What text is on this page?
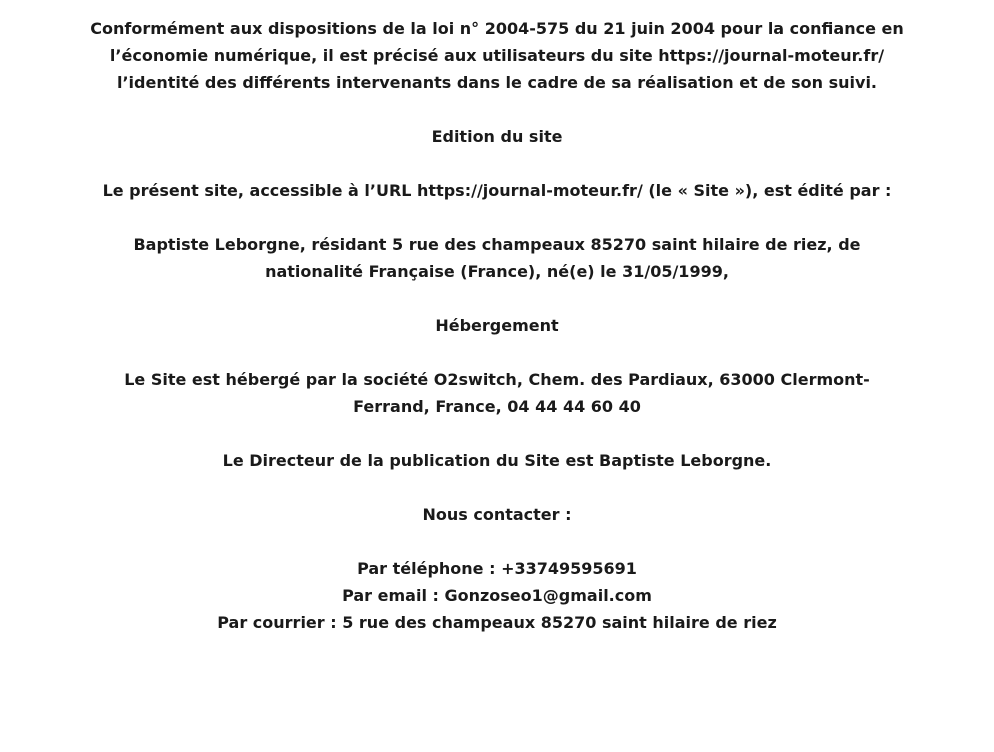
Conformément aux dispositions de la loi n° 2004-575 du 21 juin 2004 pour la confiance en l’économie numérique, il est précisé aux utilisateurs du site https://journal-moteur.fr/ l’identité des différents intervenants dans le cadre de sa réalisation et de son suivi.

Edition du site

Le présent site, accessible à l’URL https://journal-moteur.fr/ (le « Site »), est édité par :

Baptiste Leborgne, résidant 5 rue des champeaux 85270 saint hilaire de riez, de nationalité Française (France), né(e) le 31/05/1999,

Hébergement

Le Site est hébergé par la société O2switch, Chem. des Pardiaux, 63000 Clermont-Ferrand, France, 04 44 44 60 40

Le Directeur de la publication du Site est Baptiste Leborgne.

Nous contacter :

Par téléphone : +33749595691

Par email : Gonzoseo1@gmail.com

Par courrier : 5 rue des champeaux 85270 saint hilaire de riez
